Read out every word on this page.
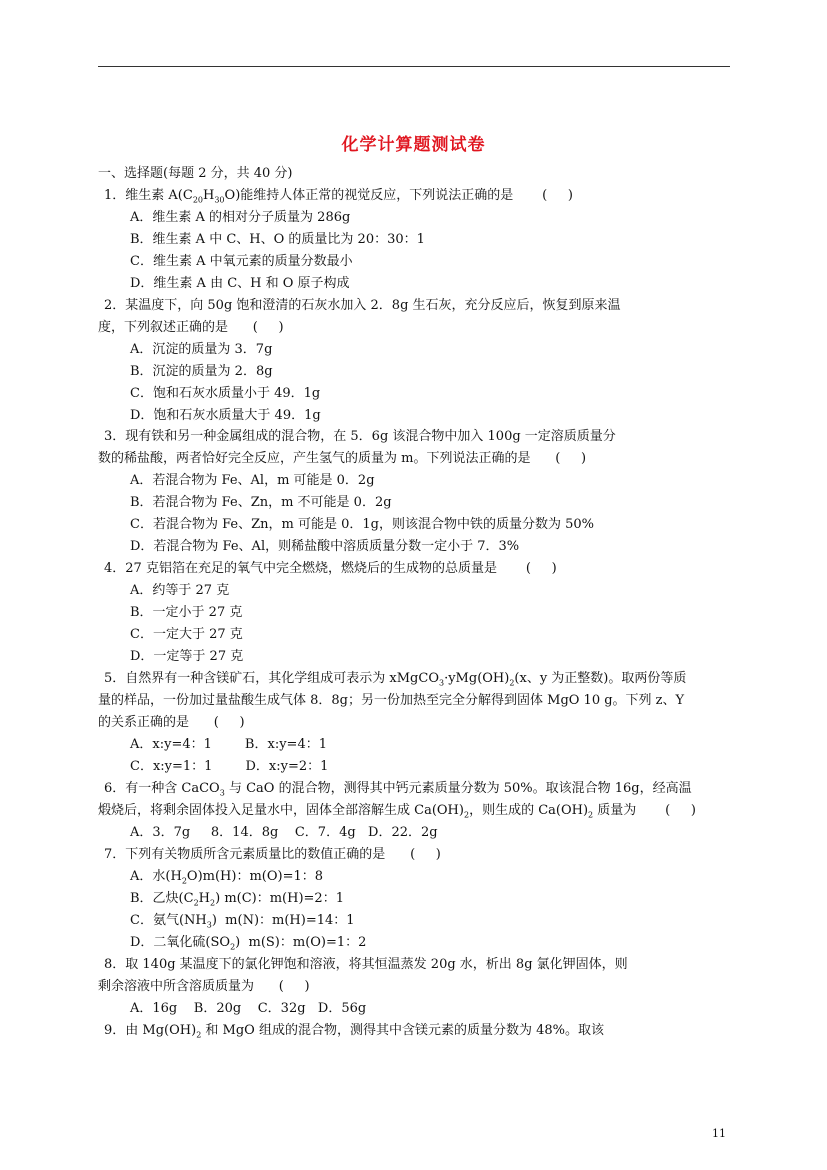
化学计算题测试卷
一、选择题(每题 2 分，共 40 分)
1．维生素 $A(C_{20}H_{30}O)$能维持人体正常的视觉反应，下列说法正确的是       (     )
A．维生素 A 的相对分子质量为 286g
B．维生素 A 中 C、H、O 的质量比为 20：30：1
C．维生素 A 中氧元素的质量分数最小
D．维生素 A 由 C、H 和 O 原子构成
2．某温度下，向 50g 饱和澄清的石灰水加入 2．8g 生石灰，充分反应后，恢复到原来温
度，下列叙述正确的是      (     )
A．沉淀的质量为 3．7g
B．沉淀的质量为 2．8g
C．饱和石灰水质量小于 49．1g
D．饱和石灰水质量大于 49．1g
3．现有铁和另一种金属组成的混合物，在 5．6g 该混合物中加入 100g 一定溶质质量分
数的稀盐酸，两者恰好完全反应，产生氢气的质量为 m。下列说法正确的是      (     )
A．若混合物为 Fe、Al，m 可能是 0．2g
B．若混合物为 Fe、Zn，m 不可能是 0．2g
C．若混合物为 Fe、Zn，m 可能是 0．1g，则该混合物中铁的质量分数为 50%
D．若混合物为 Fe、Al，则稀盐酸中溶质质量分数一定小于 7．3%
4．27 克铝箔在充足的氧气中完全燃烧，燃烧后的生成物的总质量是       (     )
A．约等于 27 克
B．一定小于 27 克
C．一定大于 27 克
D．一定等于 27 克
5．自然界有一种含镁矿石，其化学组成可表示为 $xMgCO_3\cdot yMg(OH)_2(x$、y 为正整数)。取两份等质
量的样品，一份加过量盐酸生成气体 8．8g；另一份加热至完全分解得到固体 MgO 10 g。下列 z、Y
的关系正确的是      (     )
A．x:y=4：1        B．x:y=4：1
C．x:y=1：1        D．x:y=2：1
6．有一种含 CaCO$_3$ 与 CaO 的混合物，测得其中钙元素质量分数为 50%。取该混合物 16g，经高温
煅烧后，将剩余固体投入足量水中，固体全部溶解生成 $Ca(OH)_2$，则生成的 $Ca(OH)_2$ 质量为       (     )
A．3．7g     8．14．8g    C．7．4g   D．22．2g
7．下列有关物质所含元素质量比的数值正确的是      (     )
A．水$(H_2O)m(H)$：m(O)=1：8
B．乙炔$(C_2H_2)$ m(C)：m(H)=2：1
C．氨气$(NH_3)$  m(N)：m(H)=14：1
D．二氧化硫$(SO_2)$  m(S)：m(O)=1：2
8．取 140g 某温度下的氯化钾饱和溶液，将其恒温蒸发 20g 水，析出 8g 氯化钾固体，则
剩余溶液中所含溶质质量为      (     )
A．16g    B．20g    C．32g   D．56g
9．由 $Mg(OH)_2$ 和 MgO 组成的混合物，测得其中含镁元素的质量分数为 48%。取该
11
